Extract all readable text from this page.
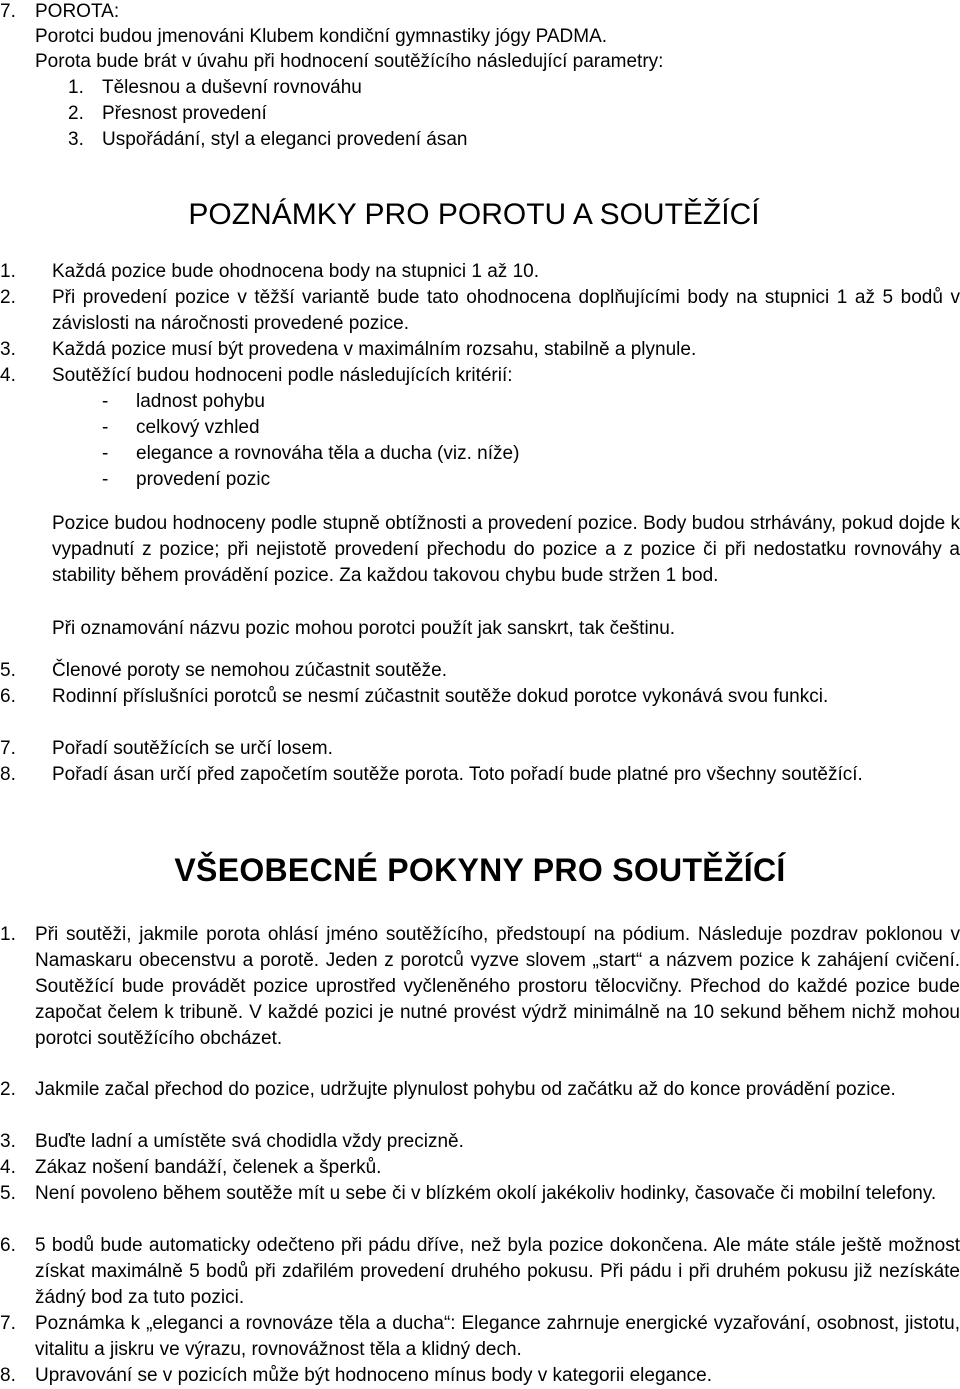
7. POROTA:

Porotci budou jmenováni Klubem kondiční gymnastiky jógy PADMA.

Porota bude brát v úvahu při hodnocení soutěžícího následující parametry:

1. Tělesnou a duševní rovnováhu

2. Přesnost provedení

3. Uspořádání, styl a eleganci provedení ásan

POZNÁMKY PRO POROTU A SOUTĚŽÍCÍ
1. Každá pozice bude ohodnocena body na stupnici 1 až 10.

2. Při provedení pozice v těžší variantě bude tato ohodnocena doplňujícími body na stupnici 1 až 5 bodů v závislosti na náročnosti provedené pozice.

3. Každá pozice musí být provedena v maximálním rozsahu, stabilně a plynule.

4. Soutěžící budou hodnoceni podle následujících kritérií:

- ladnost pohybu

- celkový vzhled

- elegance a rovnováha těla a ducha (viz. níže)

- provedení pozic

Pozice budou hodnoceny podle stupně obtížnosti a provedení pozice. Body budou strhávány, pokud dojde k vypadnutí z pozice; při nejistotě provedení přechodu do pozice a z pozice či při nedostatku rovnováhy a stability během provádění pozice. Za každou takovou chybu bude stržen 1 bod.

Při oznamování názvu pozic mohou porotci použít jak sanskrt, tak češtinu.

5. Členové poroty se nemohou zúčastnit soutěže.

6. Rodinní příslušníci porotců se nesmí zúčastnit soutěže dokud porotce vykonává svou funkci.

7. Pořadí soutěžících se určí losem.

8. Pořadí ásan určí před započetím soutěže porota. Toto pořadí bude platné pro všechny soutěžící.

VŠEOBECNÉ POKYNY PRO SOUTĚŽÍCÍ
1. Při soutěži, jakmile porota ohlásí jméno soutěžícího, předstoupí na pódium. Následuje pozdrav poklonou v Namaskaru obecenstvu a porotě. Jeden z porotců vyzve slovem „start“ a názvem pozice k zahájení cvičení. Soutěžící bude provádět pozice uprostřed vyčleněného prostoru tělocvičny. Přechod do každé pozice bude započat čelem k tribuně. V každé pozici je nutné provést výdrž minimálně na 10 sekund během nichž mohou porotci soutěžícího obcházet.

2. Jakmile začal přechod do pozice, udržujte plynulost pohybu od začátku až do konce provádění pozice.

3. Buďte ladní a umístěte svá chodidla vždy precizně.

4. Zákaz nošení bandáží, čelenek a šperků.

5. Není povoleno během soutěže mít u sebe či v blízkém okolí jakékoliv hodinky, časovače či mobilní telefony.

6. 5 bodů bude automaticky odečteno při pádu dříve, než byla pozice dokončena. Ale máte stále ještě možnost získat maximálně 5 bodů při zdařilém provedení druhého pokusu. Při pádu i při druhém pokusu již nezískáte žádný bod za tuto pozici.

7. Poznámka k „eleganci a rovnováze těla a ducha“: Elegance zahrnuje energické vyzařování, osobnost, jistotu, vitalitu a jiskru ve výrazu, rovnovážnost těla a klidný dech.

8. Upravování se v pozicích může být hodnoceno mínus body v kategorii elegance.
